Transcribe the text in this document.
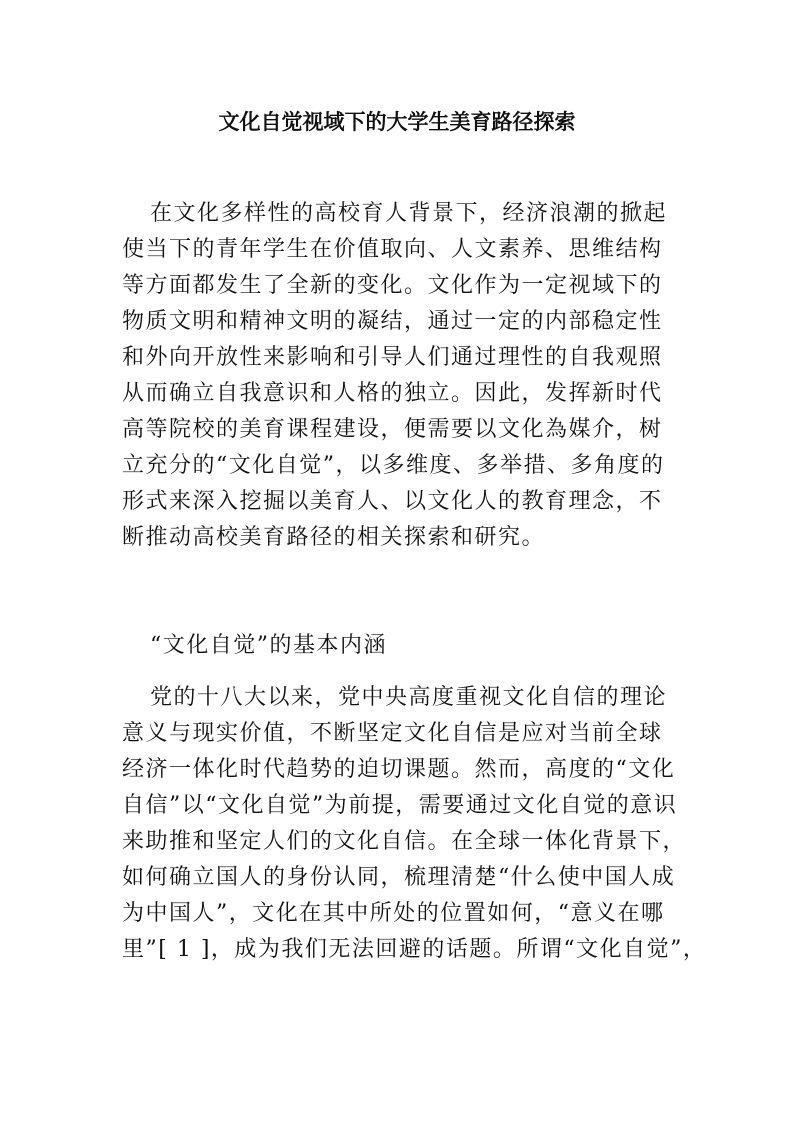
文化自觉视域下的大学生美育路径探索
在文化多样性的高校育人背景下，经济浪潮的掀起
使当下的青年学生在价值取向、人文素养、思维结构
等方面都发生了全新的变化。文化作为一定视域下的
物质文明和精神文明的凝结，通过一定的内部稳定性
和外向开放性来影响和引导人们通过理性的自我观照
从而确立自我意识和人格的独立。因此，发挥新时代
高等院校的美育课程建设，便需要以文化為媒介，树
立充分的“文化自觉”，以多维度、多举措、多角度的
形式来深入挖掘以美育人、以文化人的教育理念，不
断推动高校美育路径的相关探索和研究。
“文化自觉”的基本内涵
党的十八大以来，党中央高度重视文化自信的理论
意义与现实价值，不断坚定文化自信是应对当前全球
经济一体化时代趋势的迫切课题。然而，高度的“文化
自信”以“文化自觉”为前提，需要通过文化自觉的意识
来助推和坚定人们的文化自信。在全球一体化背景下，
如何确立国人的身份认同，梳理清楚“什么使中国人成
为中国人”，文化在其中所处的位置如何，“意义在哪
里”[ 1 ]，成为我们无法回避的话题。所谓“文化自觉”，
